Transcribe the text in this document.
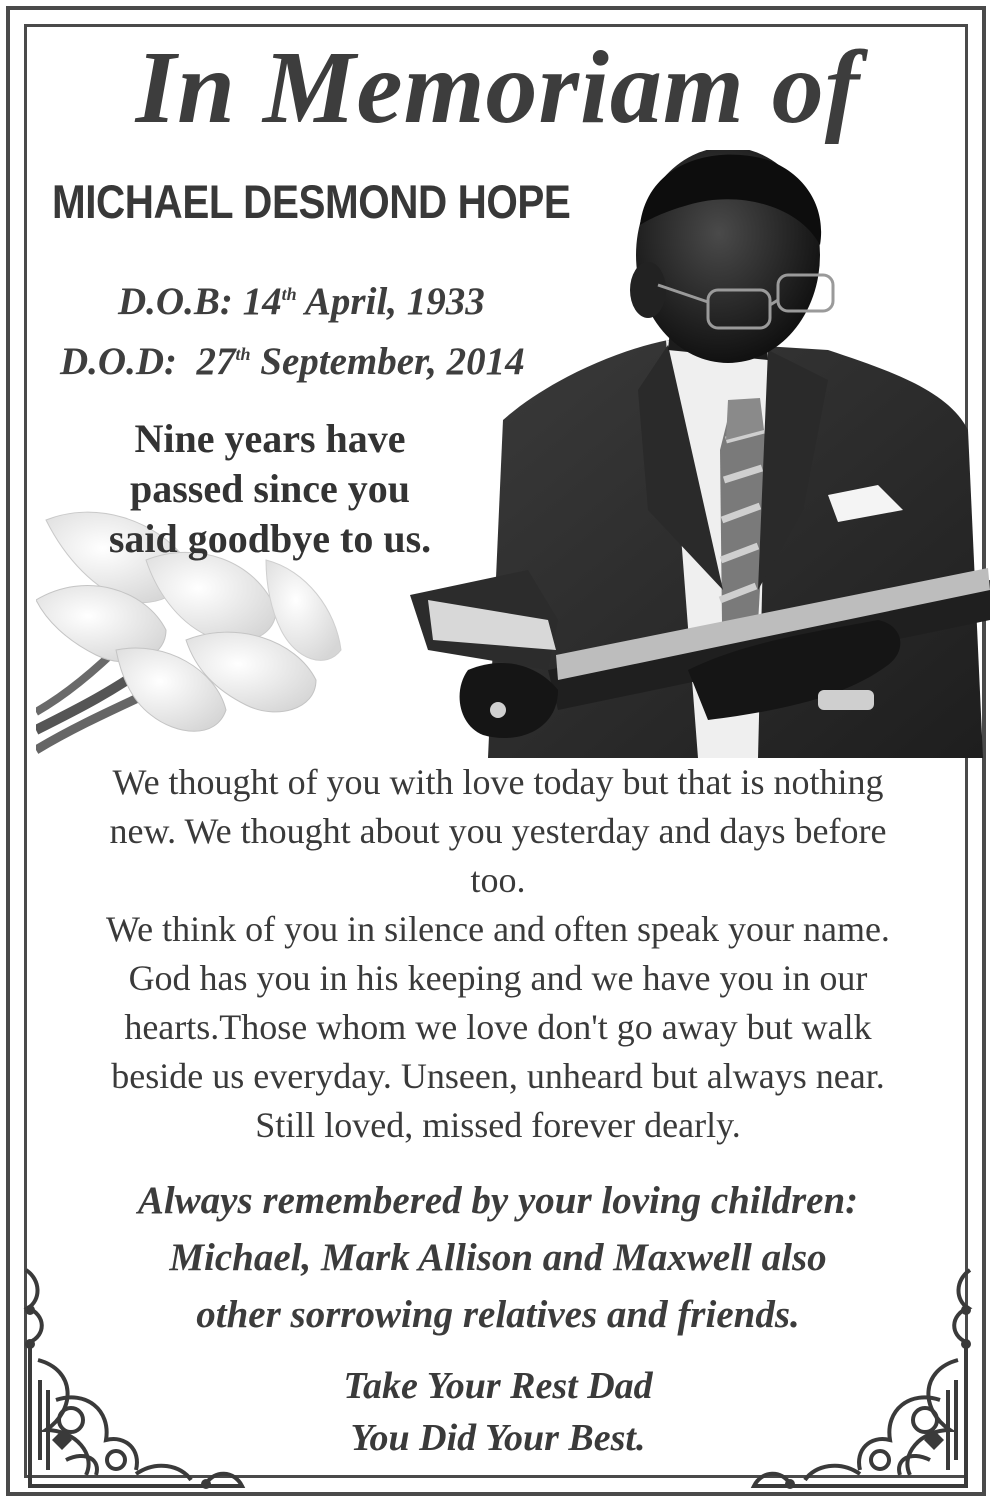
In Memoriam of
MICHAEL DESMOND HOPE
D.O.B: 14th April, 1933
D.O.D: 27th September, 2014
Nine years have
passed since you
said goodbye to us.

We thought of you with love today but that is nothing

new. We thought about you yesterday and days before

too.

We think of you in silence and often speak your name.

God has you in his keeping and we have you in our

hearts.Those whom we love don't go away but walk

beside us everyday. Unseen, unheard but always near.

Still loved, missed forever dearly.

Always remembered by your loving children:

Michael, Mark Allison and Maxwell also

other sorrowing relatives and friends.

Take Your Rest Dad

You Did Your Best.
